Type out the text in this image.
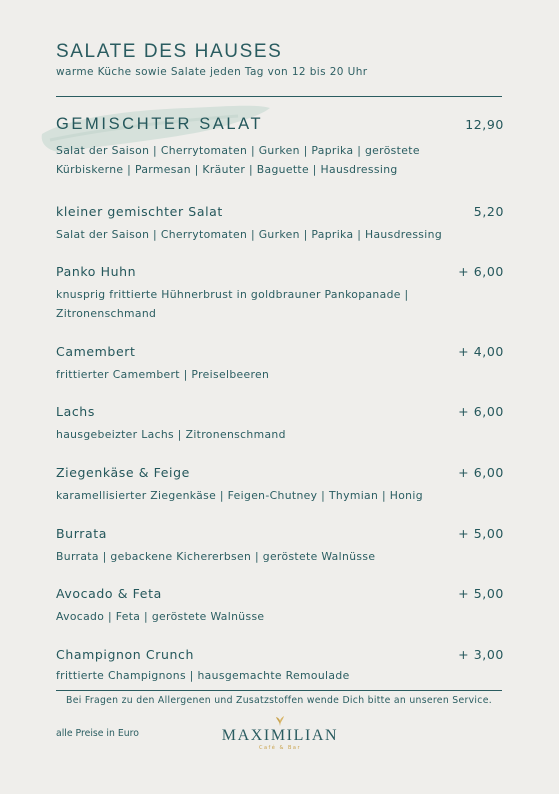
SALATE DES HAUSES
warme Küche sowie Salate jeden Tag von 12 bis 20 Uhr
GEMISCHTER SALAT	12,90
Salat der Saison | Cherrytomaten | Gurken | Paprika | geröstete Kürbiskerne | Parmesan | Kräuter | Baguette | Hausdressing
kleiner gemischter Salat	5,20
Salat der Saison | Cherrytomaten | Gurken | Paprika | Hausdressing
Panko Huhn	+ 6,00
knusprig frittierte Hühnerbrust in goldbrauner Pankopanade | Zitronenschmand
Camembert	+ 4,00
frittierter Camembert | Preiselbeeren
Lachs	+ 6,00
hausgebeizter Lachs | Zitronenschmand
Ziegenkäse & Feige	+ 6,00
karamellisierter Ziegenkäse | Feigen-Chutney | Thymian | Honig
Burrata	+ 5,00
Burrata | gebackene Kichererbsen | geröstete Walnüsse
Avocado & Feta	+ 5,00
Avocado | Feta | geröstete Walnüsse
Champignon Crunch	+ 3,00
frittierte Champignons | hausgemachte Remoulade
Bei Fragen zu den Allergenen und Zusatzstoffen wende Dich bitte an unseren Service.
alle Preise in Euro	MAXIMILIAN
Café & Bar
